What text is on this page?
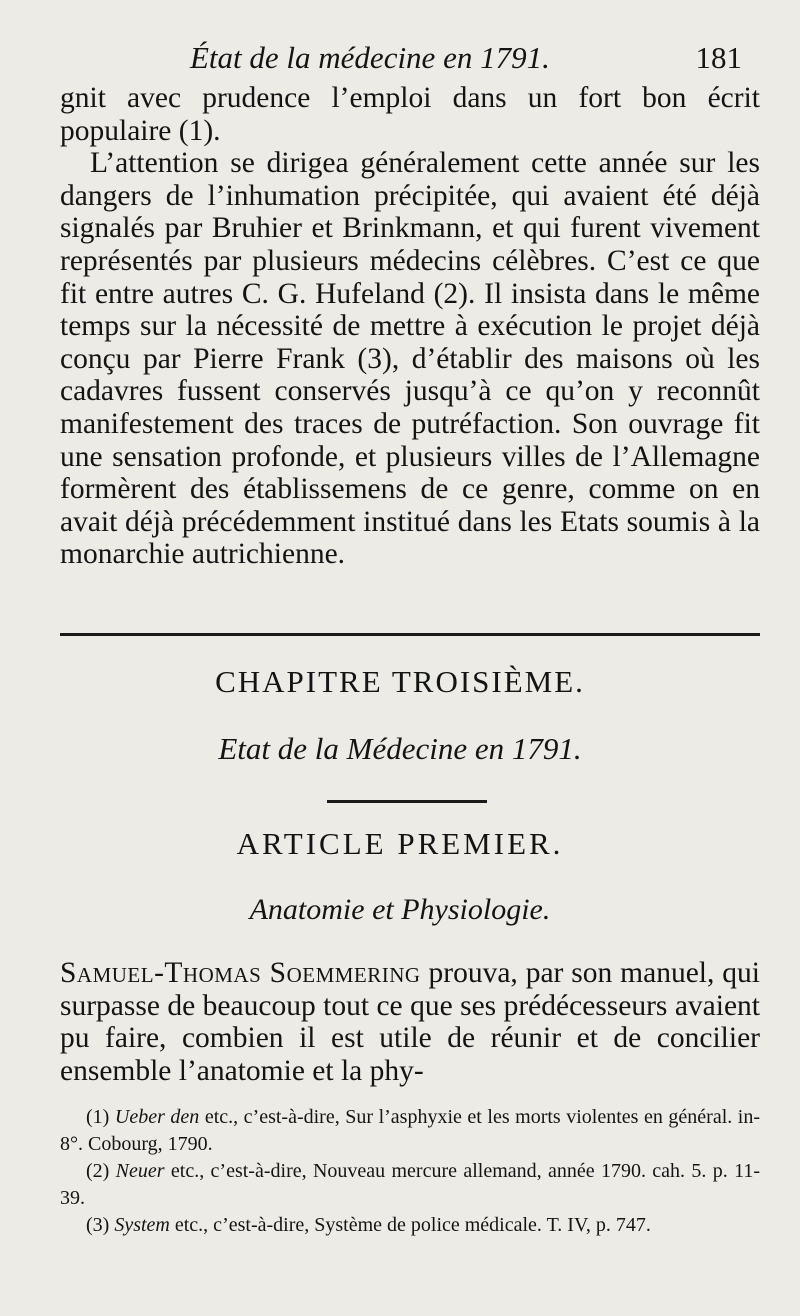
État de la médecine en 1791.	181

gnit avec prudence l’emploi dans un fort bon écrit populaire (1).

L’attention se dirigea généralement cette année sur les dangers de l’inhumation précipitée, qui avaient été déjà signalés par Bruhier et Brinkmann, et qui furent vivement représentés par plusieurs médecins célèbres. C’est ce que fit entre autres C. G. Hufeland (2). Il insista dans le même temps sur la nécessité de mettre à exécution le projet déjà conçu par Pierre Frank (3), d’établir des maisons où les cadavres fussent conservés jusqu’à ce qu’on y reconnût manifestement des traces de putréfaction. Son ouvrage fit une sensation profonde, et plusieurs villes de l’Allemagne formèrent des établissemens de ce genre, comme on en avait déjà précédemment institué dans les Etats soumis à la monarchie autrichienne.

CHAPITRE TROISIÈME.
Etat de la Médecine en 1791.
ARTICLE PREMIER.
Anatomie et Physiologie.
Samuel-Thomas Soemmering prouva, par son manuel, qui surpasse de beaucoup tout ce que ses prédécesseurs avaient pu faire, combien il est utile de réunir et de concilier ensemble l’anatomie et la phy-

(1) Ueber den etc., c’est-à-dire, Sur l’asphyxie et les morts violentes en général. in-8°. Cobourg, 1790.

(2) Neuer etc., c’est-à-dire, Nouveau mercure allemand, année 1790. cah. 5. p. 11-39.

(3) System etc., c’est-à-dire, Système de police médicale. T. IV, p. 747.
